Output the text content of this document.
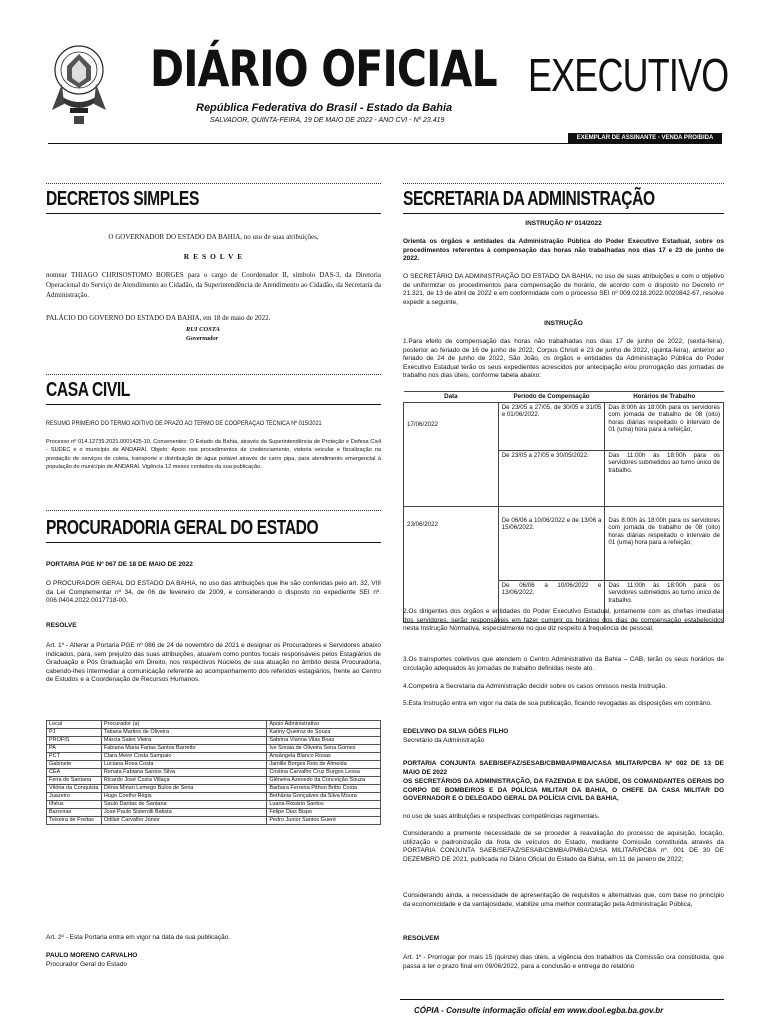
DIÁRIO OFICIAL EXECUTIVO
República Federativa do Brasil - Estado da Bahia
SALVADOR, QUINTA-FEIRA, 19 DE MAIO DE 2022 - ANO CVI - Nº 23.419
EXEMPLAR DE ASSINANTE - VENDA PROIBIDA
DECRETOS SIMPLES
O GOVERNADOR DO ESTADO DA BAHIA, no uso de suas atribuições,
R E S O L V E
nomear THIAGO CHRISOSTOMO BORGES para o cargo de Coordenador II, símbolo DAS-3, da Diretoria Operacional do Serviço de Atendimento ao Cidadão, da Superintendência de Atendimento ao Cidadão, da Secretaria da Administração.
PALÁCIO DO GOVERNO DO ESTADO DA BAHIA, em 18 de maio de 2022.
RUI COSTA
Governador
CASA CIVIL
RESUMO PRIMEIRO DO TERMO ADITIVO DE PRAZO AO TERMO DE COOPERAÇÃO TÉCNICA Nº 015/2021
Processo nº 014.12739.2021.0001425-10. Convenentes: O Estado da Bahia, através da Superintendência de Proteção e Defesa Civil - SUDEC e o município de ANDARAÍ. Objeto: Apoio nos procedimentos de credenciamento, vistoria veicular e fiscalização na prestação de serviços de coleta, transporte e distribuição de água potável através de carro pipa, para atendimento emergencial à população do município de ANDARAÍ. Vigência 12 meses contados da sua publicação.
PROCURADORIA GERAL DO ESTADO
PORTARIA PGE Nº 067 DE 18 DE MAIO DE 2022
O PROCURADOR GERAL DO ESTADO DA BAHIA, no uso das atribuições que lhe são conferidas pelo art. 32, VIII da Lei Complementar nº 34, de 06 de fevereiro de 2009, e considerando o disposto no expediente SEI nº. 006.0404.2022.0017718-00,
RESOLVE
Art. 1º - Alterar a Portaria PGE nº 086 de 24 de novembro de 2021 e designar os Procuradores e Servidores abaixo indicados, para, sem prejuízo das suas atribuições, atuarem como pontos focais responsáveis pelos Estagiários de Graduação e Pós Graduação em Direito, nos respectivos Núcleos de sua atuação no âmbito desta Procuradoria, cabendo-lhes intermediar a comunicação referente ao acompanhamento dos referidos estagiários, frente ao Centro de Estudos e a Coordenação de Recursos Humanos.
Local	Procurador (a)	Apoio Administrativo
PJ	Tatiana Martins de Oliveira	Kariny Queiroz de Souza
PROFIS	Márcia Sales Vieira	Sabrina Vianna Vilas Boas
PA	Fabiana Maria Farias Santos Barretto	Ive Soraia de Oliveira Sena Gomes
PCT	Clara Meire Costa Sampaio	Ansângela Blanco Rosas
Gabinete	Luciana Rosa Costa	Jamille Borges Reis de Almeida
CEA	Renata Fabiana Santos Silva	Cristina Carvalho Cruz Burgos Lessa
Feira de Santana	Ricardo José Costa Villaça	Glêneira Azevedo da Conceição Souza
Vitória da Conquista	Dênia Mirian Lemego Bulos de Sena	Barbara Ferreira Pithon Britto Costa
Juazeiro	Hugo Coelho Régis	Bethânia Gonçalves da Silva Moura
Ilhéus	Saulo Dantas de Santana	Luana Rosário Santos
Barreiras	José Paulo Sisterolli Batista	Felipe Dias Bispo
Teixeira de Freitas	Odilair Carvalho Júnior	Pedro Junior Santos Gueré
Art. 2º - Esta Portaria entra em vigor na data de sua publicação.
PAULO MORENO CARVALHO
Procurador Geral do Estado
SECRETARIA DA ADMINISTRAÇÃO
INSTRUÇÃO Nº 014/2022
Orienta os órgãos e entidades da Administração Pública do Poder Executivo Estadual, sobre os procedimentos referentes à compensação das horas não trabalhadas nos dias 17 e 23 de junho de 2022.
O SECRETÁRIO DA ADMINISTRAÇÃO DO ESTADO DA BAHIA, no uso de suas atribuições e com o objetivo de uniformizar os procedimentos para compensação de horário, de acordo com o disposto no Decreto nº 21.321, de 13 de abril de 2022 e em conformidade com o processo SEI nº 009.0218.2022.0020842-67, resolve expedir a seguinte,
INSTRUÇÃO
1.Para efeito de compensação das horas não trabalhadas nos dias 17 de junho de 2022, (sexta-feira), posterior ao feriado de 16 de junho de 2022, Corpus Christi e 23 de junho de 2022, (quinta-feira), anterior ao feriado de 24 de junho de 2022, São João, os órgãos e entidades da Administração Pública do Poder Executivo Estadual terão os seus expedientes acrescidos por antecipação e/ou prorrogação das jornadas de trabalho nos dias úteis, conforme tabela abaixo:
Data	Período de Compensação	Horários de Trabalho
17/06/2022	De 23/05 a 27/05, de 30/05 e 31/05 e 01/06/2022.	Das 8:00h às 18:00h para os servidores com jornada de trabalho de 08 (oito) horas diárias respeitado o intervalo de 01 (uma) hora para a refeição;
	De 23/05 a 27/05 e 30/05/2022.	Das 11:00h às 18:00h para os servidores submetidos ao turno único de trabalho.
23/06/2022	De 06/06 a 10/06/2022 e de 13/06 a 15/06/2022.	Das 8:00h às 18:00h para os servidores com jornada de trabalho de 08 (oito) horas diárias respeitado o intervalo de 01 (uma) hora para a refeição;
	De 06/06 a 10/06/2022 e 13/06/2022.	Das 11:00h às 18:00h para os servidores submetidos ao turno único de trabalho.
2.Os dirigentes dos órgãos e entidades do Poder Executivo Estadual, juntamente com as chefias imediatas dos servidores, serão responsáveis em fazer cumprir os horários dos dias de compensação estabelecidos nesta Instrução Normativa, especialmente no que diz respeito à frequência de pessoal.
3.Os transportes coletivos que atendem o Centro Administrativo da Bahia – CAB, terão os seus horários de circulação adequados às jornadas de trabalho definidas neste ato.
4.Competirá à Secretaria da Administração decidir sobre os casos omissos nesta Instrução.
5.Esta Instrução entra em vigor na data de sua publicação, ficando revogadas as disposições em contrário.
EDELVINO DA SILVA GÓES FILHO
Secretário da Administração
PORTARIA CONJUNTA SAEB/SEFAZ/SESAB/CBMBA/PMBA/CASA MILITAR/PCBA Nº 002 DE 13 DE MAIO DE 2022
OS SECRETÁRIOS DA ADMINISTRAÇÃO, DA FAZENDA E DA SAÚDE, OS COMANDANTES GERAIS DO CORPO DE BOMBEIROS E DA POLÍCIA MILITAR DA BAHIA, O CHEFE DA CASA MILITAR DO GOVERNADOR E O DELEGADO GERAL DA POLÍCIA CIVIL DA BAHIA,
no uso de suas atribuições e respectivas competências regimentais.
Considerando a premente necessidade de se proceder à reavaliação do processo de aquisição, locação, utilização e padronização da frota de veículos do Estado, mediante Comissão constituída através da PORTARIA CONJUNTA SAEB/SEFAZ/SESAB/CBMBA/PMBA/CASA MILITAR/PCBA nº. 001 DE 30 DE DEZEMBRO DE 2021, publicada no Diário Oficial do Estado da Bahia, em 11 de janeiro de 2022;
Considerando ainda, a necessidade de apresentação de requisitos e alternativas que, com base no princípio da economicidade e da vantajosidade, viabilize uma melhor contratação pela Administração Pública,
RESOLVEM
Art. 1º - Prorrogar por mais 15 (quinze) dias úteis, a vigência dos trabalhos da Comissão ora constituída, que passa a ter o prazo final em 09/06/2022, para a conclusão e entrega do relatório
CÓPIA - Consulte informação oficial em www.dool.egba.ba.gov.br
